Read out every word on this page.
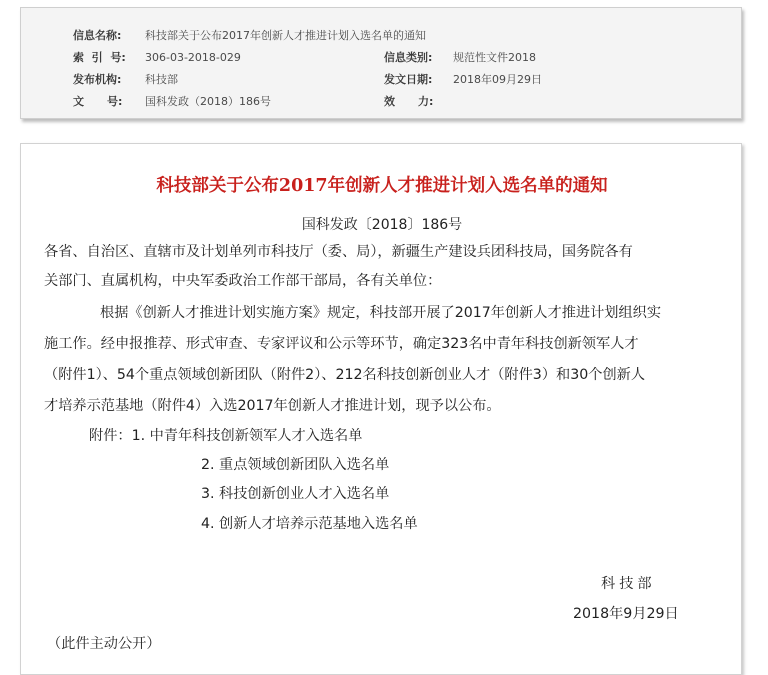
信息名称: 科技部关于公布2017年创新人才推进计划入选名单的通知
索  引  号: 306-03-2018-029	信息类别: 规范性文件2018
发布机构: 科技部	发文日期: 2018年09月29日
文      号: 国科发政（2018）186号	效      力:
科技部关于公布2017年创新人才推进计划入选名单的通知
国科发政〔2018〕186号
各省、自治区、直辖市及计划单列市科技厅（委、局），新疆生产建设兵团科技局，国务院各有
关部门、直属机构，中央军委政治工作部干部局，各有关单位：
根据《创新人才推进计划实施方案》规定，科技部开展了2017年创新人才推进计划组织实
施工作。经申报推荐、形式审查、专家评议和公示等环节，确定323名中青年科技创新领军人才
（附件1）、54个重点领域创新团队（附件2）、212名科技创新创业人才（附件3）和30个创新人
才培养示范基地（附件4）入选2017年创新人才推进计划，现予以公布。
附件：1. 中青年科技创新领军人才入选名单
2. 重点领域创新团队入选名单
3. 科技创新创业人才入选名单
4. 创新人才培养示范基地入选名单
科技部
2018年9月29日
（此件主动公开）
